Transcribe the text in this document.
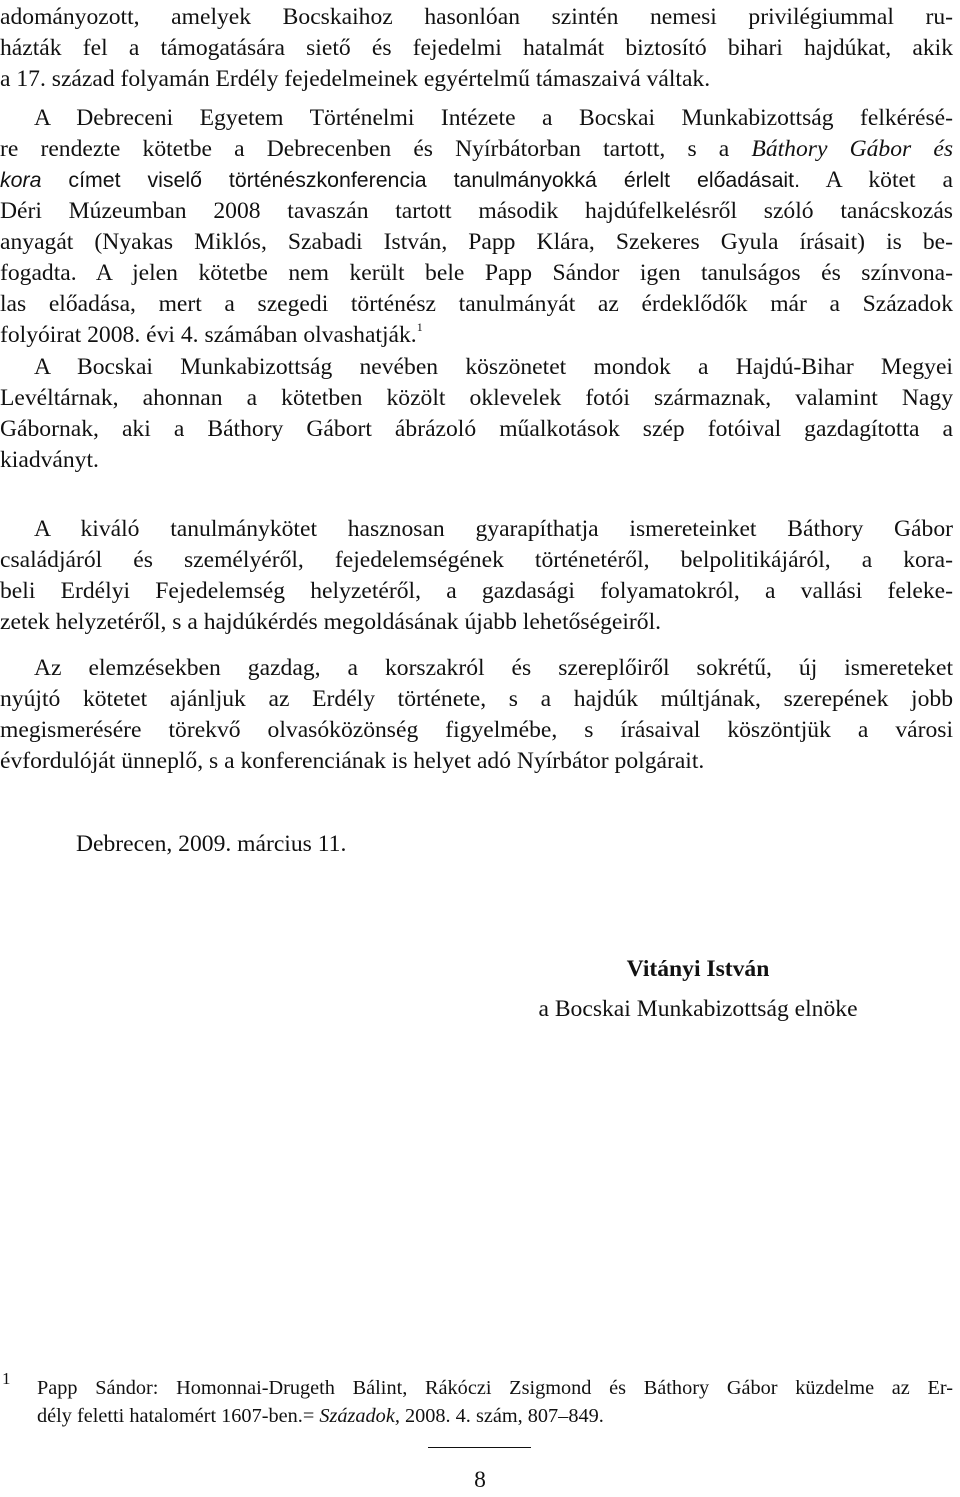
adományozott, amelyek Bocskaihoz hasonlóan szintén nemesi privilégiummal ru-
házták fel a támogatására siető és fejedelmi hatalmát biztosító bihari hajdúkat, akik
a 17. század folyamán Erdély fejedelmeinek egyértelmű támaszaivá váltak.
A Debreceni Egyetem Történelmi Intézete a Bocskai Munkabizottság felkérésé-
re rendezte kötetbe a Debrecenben és Nyírbátorban tartott, s a Báthory Gábor és
kora címet viselő történészkonferencia tanulmányokká érlelt előadásait. A kötet a
Déri Múzeumban 2008 tavaszán tartott második hajdúfelkelésről szóló tanácskozás
anyagát (Nyakas Miklós, Szabadi István, Papp Klára, Szekeres Gyula írásait) is be-
fogadta. A jelen kötetbe nem került bele Papp Sándor igen tanulságos és színvona-
las előadása, mert a szegedi történész tanulmányát az érdeklődők már a Századok
folyóirat 2008. évi 4. számában olvashatják.$^1$
A Bocskai Munkabizottság nevében köszönetet mondok a Hajdú-Bihar Megyei
Levéltárnak, ahonnan a kötetben közölt oklevelek fotói származnak, valamint Nagy
Gábornak, aki a Báthory Gábort ábrázoló műalkotások szép fotóival gazdagította a
kiadványt.
A kiváló tanulmánykötet hasznosan gyarapíthatja ismereteinket Báthory Gábor
családjáról és személyéről, fejedelemségének történetéről, belpolitikájáról, a kora-
beli Erdélyi Fejedelemség helyzetéről, a gazdasági folyamatokról, a vallási feleke-
zetek helyzetéről, s a hajdúkérdés megoldásának újabb lehetőségeiről.
Az elemzésekben gazdag, a korszakról és szereplőiről sokrétű, új ismereteket
nyújtó kötetet ajánljuk az Erdély története, s a hajdúk múltjának, szerepének jobb
megismerésére törekvő olvasóközönség figyelmébe, s írásaival köszöntjük a városi
évfordulóját ünneplő, s a konferenciának is helyet adó Nyírbátor polgárait.
Debrecen, 2009. március 11.
Vitányi István
a Bocskai Munkabizottság elnöke
1 Papp Sándor: Homonnai-Drugeth Bálint, Rákóczi Zsigmond és Báthory Gábor küzdelme az Er-
dély feletti hatalomért 1607-ben.= Századok, 2008. 4. szám, 807–849.
8
